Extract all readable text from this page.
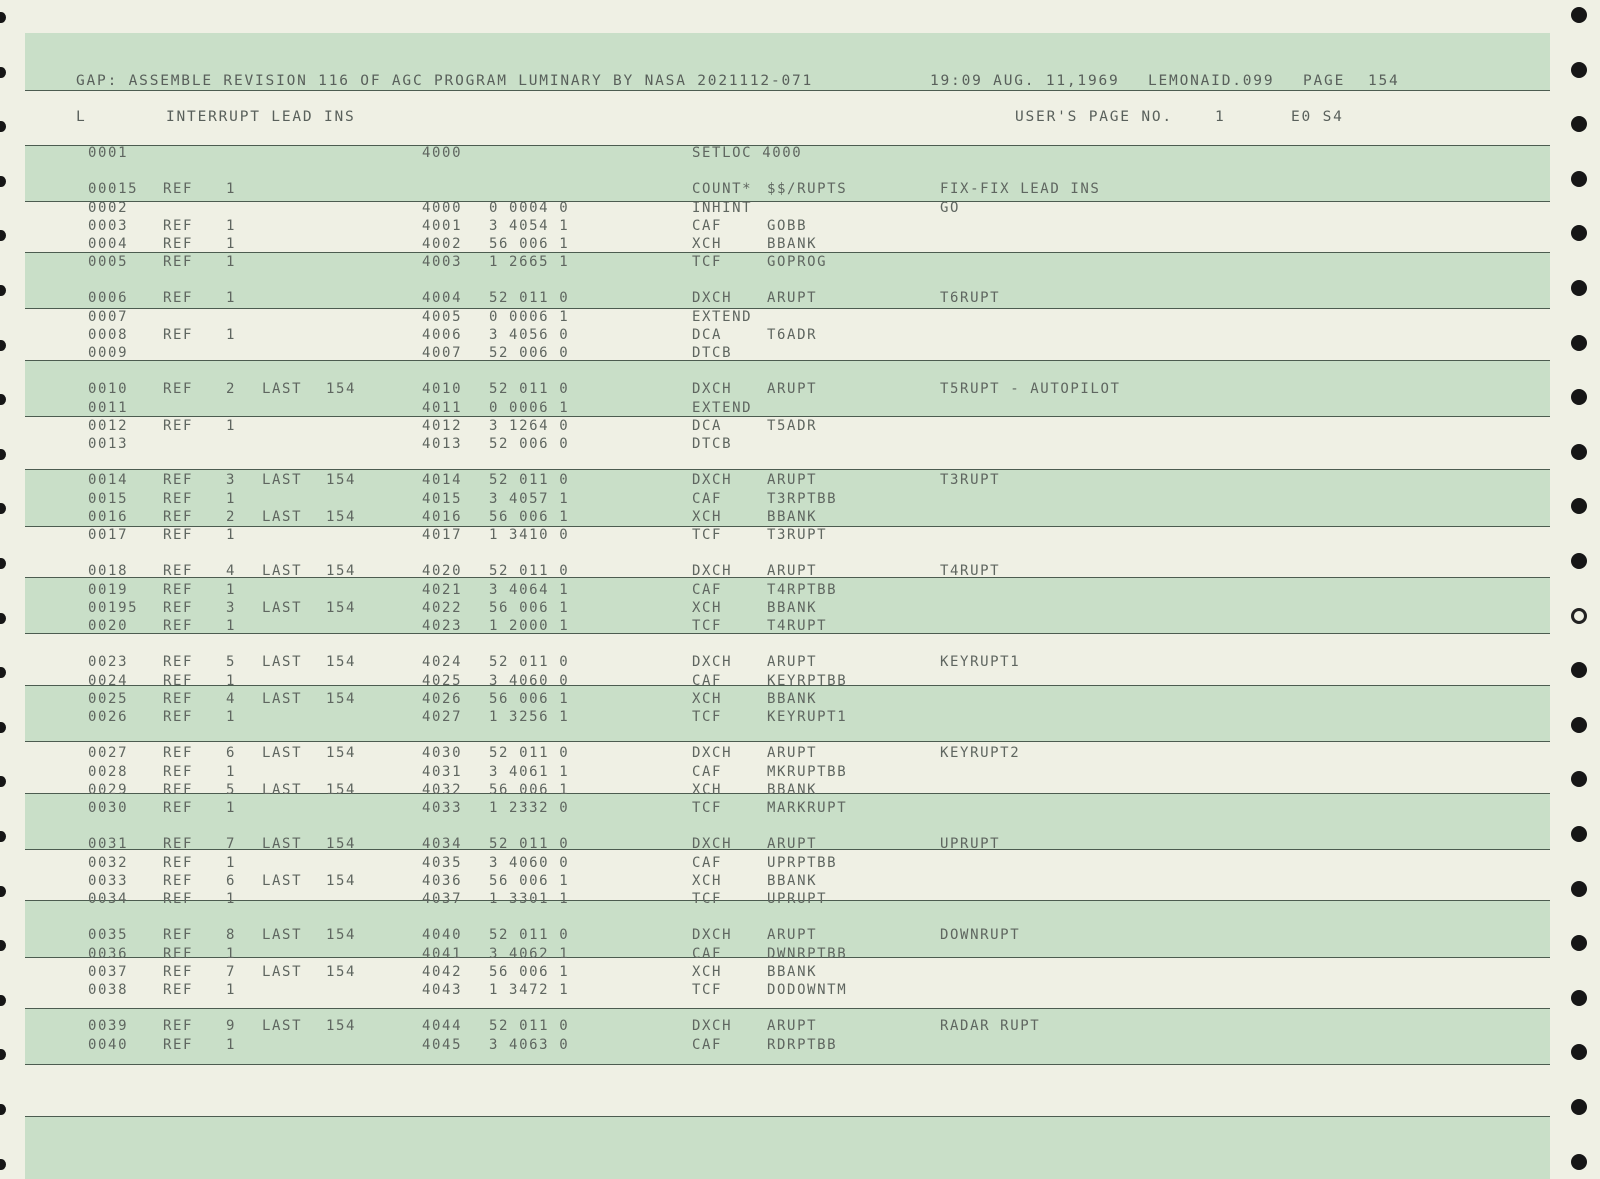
GAP: ASSEMBLE REVISION 116 OF AGC PROGRAM LUMINARY BY NASA 2021112-071	19:09 AUG. 11,1969 LEMONAID.099 PAGE 154
L	INTERRUPT LEAD INS	USER'S PAGE NO.	1	E0 S4
0001	4000	SETLOC 4000
00015 REF 1	COUNT* $$/RUPTS	FIX-FIX LEAD INS
0002	4000 0 0004 0	INHINT	GO
0003 REF 1	4001 3 4054 1	CAF	GOBB
0004 REF 1	4002 56 006 1	XCH	BBANK
0005 REF 1	4003 1 2665 1	TCF	GOPROG
0006 REF 1	4004 52 011 0	DXCH ARUPT	T6RUPT
0007	4005 0 0006 1	EXTEND
0008 REF 1	4006 3 4056 0	DCA	T6ADR
0009	4007 52 006 0	DTCB
0010 REF 2 LAST 154	4010 52 011 0	DXCH ARUPT	T5RUPT - AUTOPILOT
0011	4011 0 0006 1	EXTEND
0012 REF 1	4012 3 1264 0	DCA	T5ADR
0013	4013 52 006 0	DTCB
0014 REF 3 LAST 154	4014 52 011 0	DXCH ARUPT	T3RUPT
0015 REF 1	4015 3 4057 1	CAF	T3RPTBB
0016 REF 2 LAST 154	4016 56 006 1	XCH	BBANK
0017 REF 1	4017 1 3410 0	TCF	T3RUPT
0018 REF 4 LAST 154	4020 52 011 0	DXCH ARUPT	T4RUPT
0019 REF 1	4021 3 4064 1	CAF	T4RPTBB
00195 REF 3 LAST 154	4022 56 006 1	XCH	BBANK
0020 REF 1	4023 1 2000 1	TCF	T4RUPT
0023 REF 5 LAST 154	4024 52 011 0	DXCH ARUPT	KEYRUPT1
0024 REF 1	4025 3 4060 0	CAF	KEYRPTBB
0025 REF 4 LAST 154	4026 56 006 1	XCH	BBANK
0026 REF 1	4027 1 3256 1	TCF	KEYRUPT1
0027 REF 6 LAST 154	4030 52 011 0	DXCH ARUPT	KEYRUPT2
0028 REF 1	4031 3 4061 1	CAF	MKRUPTBB
0029 REF 5 LAST 154	4032 56 006 1	XCH	BBANK
0030 REF 1	4033 1 2332 0	TCF	MARKRUPT
0031 REF 7 LAST 154	4034 52 011 0	DXCH ARUPT	UPRUPT
0032 REF 1	4035 3 4060 0	CAF	UPRPTBB
0033 REF 6 LAST 154	4036 56 006 1	XCH	BBANK
0034 REF 1	4037 1 3301 1	TCF	UPRUPT
0035 REF 8 LAST 154	4040 52 011 0	DXCH ARUPT	DOWNRUPT
0036 REF 1	4041 3 4062 1	CAF	DWNRPTBB
0037 REF 7 LAST 154	4042 56 006 1	XCH	BBANK
0038 REF 1	4043 1 3472 1	TCF	DODOWNTM
0039 REF 9 LAST 154	4044 52 011 0	DXCH ARUPT	RADAR RUPT
0040 REF 1	4045 3 4063 0	CAF	RDRPTBB
